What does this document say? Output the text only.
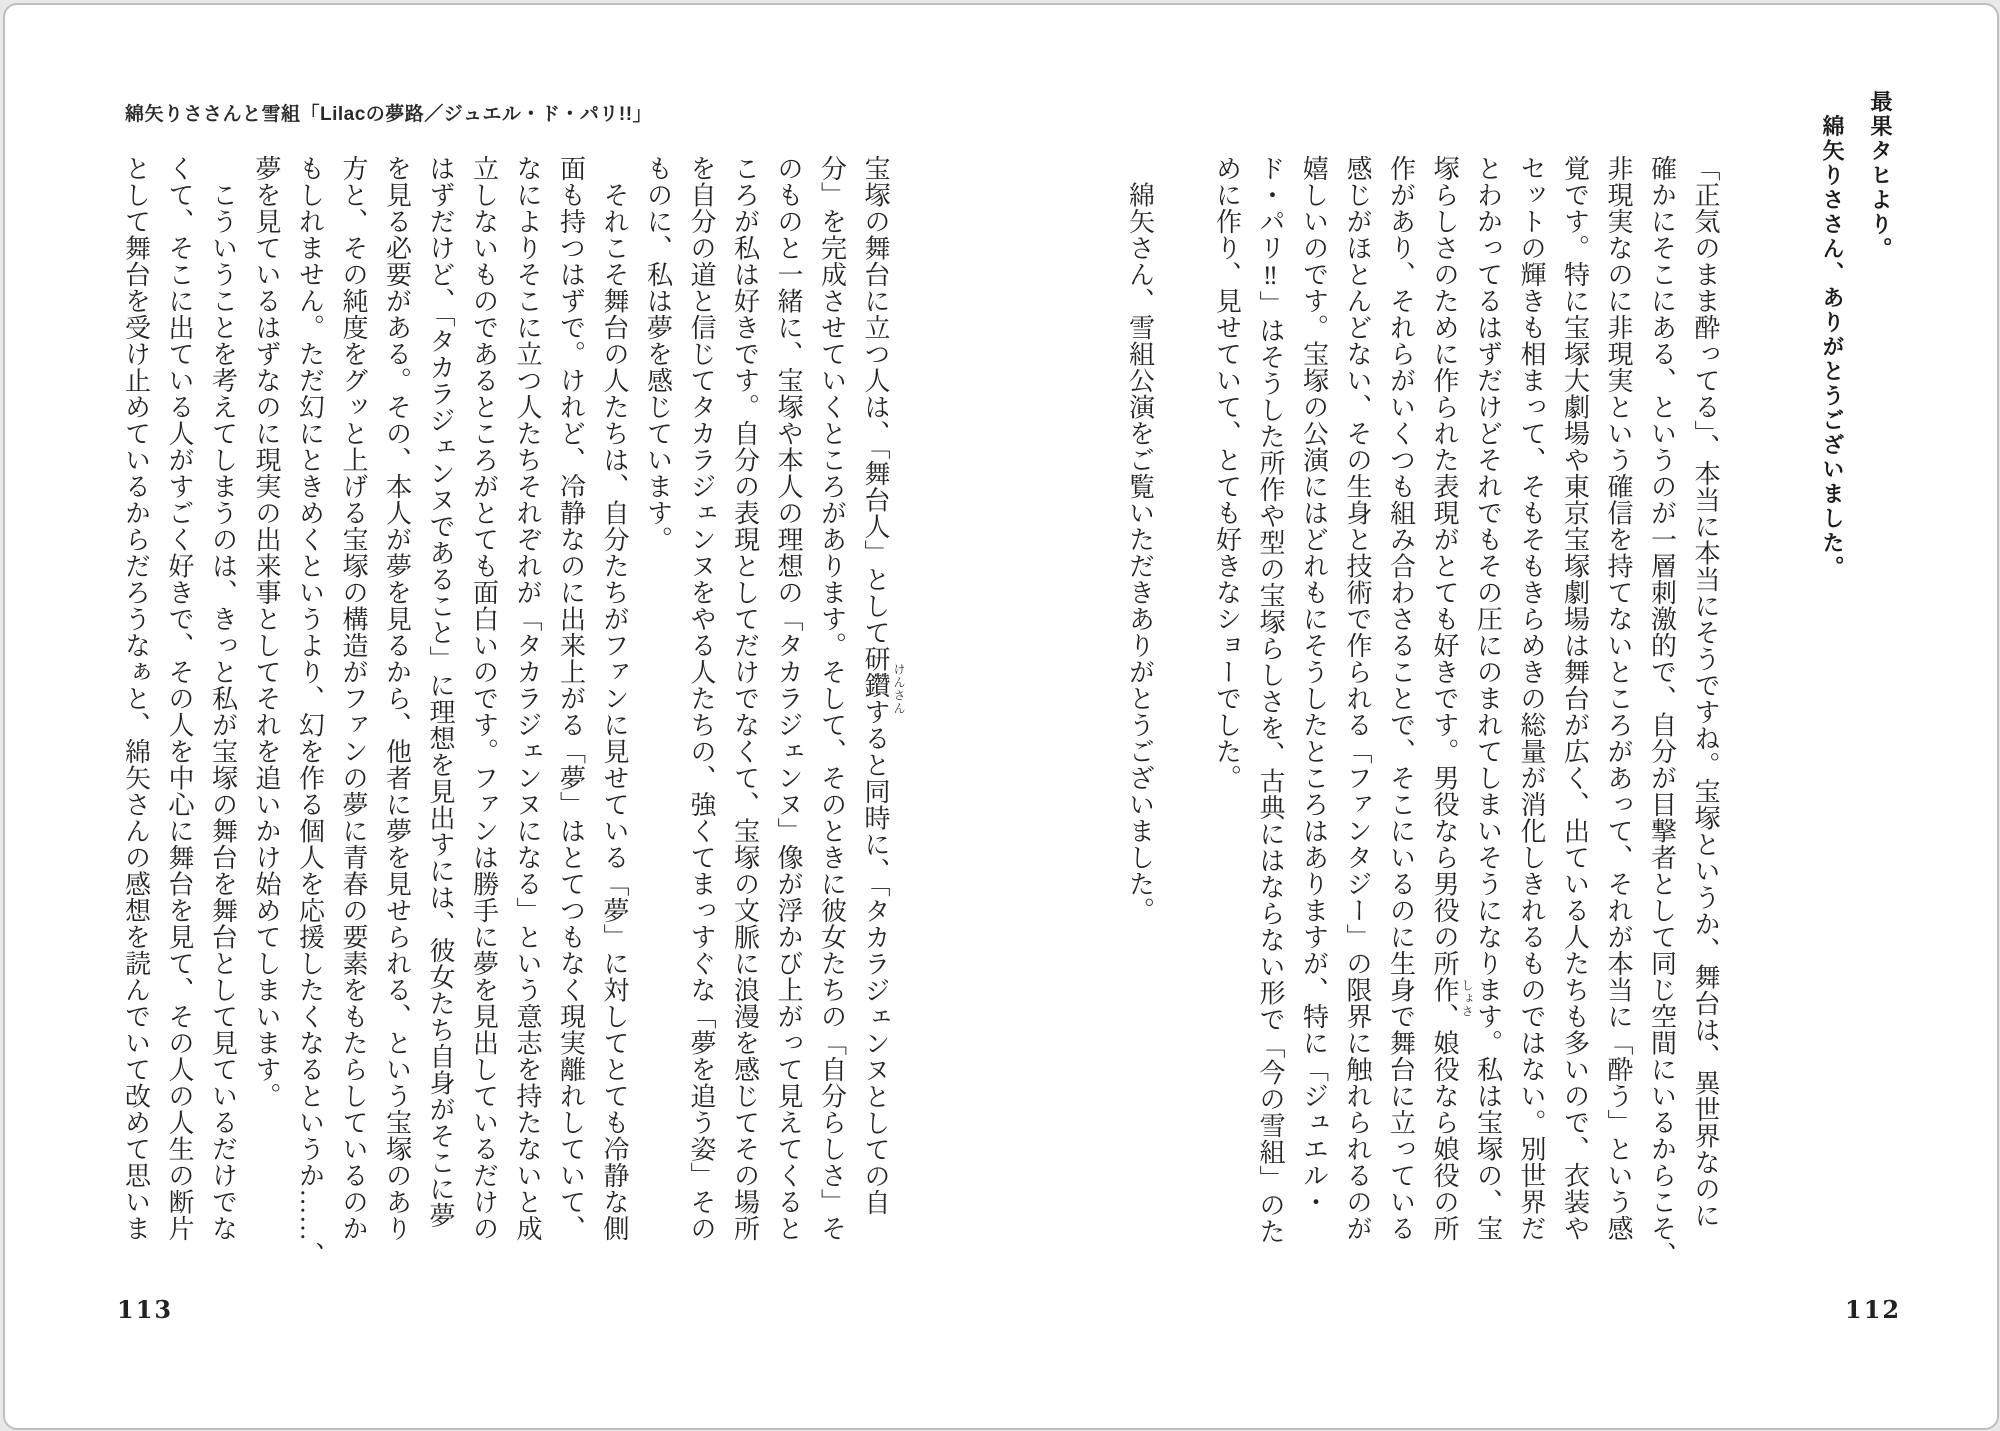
最果タヒより。
　綿矢りささん、ありがとうございました。
「正気のまま酔ってる」、本当に本当にそうですね。宝塚というか、舞台は、異世界なのに
確かにそこにある、というのが一層刺激的で、自分が目撃者として同じ空間にいるからこそ、
非現実なのに非現実という確信を持てないところがあって、それが本当に「酔う」という感
覚です。特に宝塚大劇場や東京宝塚劇場は舞台が広く、出ている人たちも多いので、衣装や
セットの輝きも相まって、そもそもきらめきの総量が消化しきれるものではない。別世界だ
とわかってるはずだけどそれでもその圧にのまれてしまいそうになります。私は宝塚の、宝
塚らしさのために作られた表現がとても好きです。男役なら男役の所作、娘役なら娘役の所
作があり、それらがいくつも組み合わさることで、そこにいるのに生身で舞台に立っている
感じがほとんどない、その生身と技術で作られる「ファンタジー」の限界に触れられるのが
嬉しいのです。宝塚の公演にはどれもにそうしたところはありますが、特に「ジュエル・
ド・パリ‼」はそうした所作や型の宝塚らしさを、古典にはならない形で「今の雪組」のた
めに作り、見せていて、とても好きなショーでした。
　綿矢さん、雪組公演をご覧いただきありがとうございました。
しょさ
112
綿矢りささんと雪組「Lilacの夢路／ジュエル・ド・パリ!!」
宝塚の舞台に立つ人は、「舞台人」として研鑽すると同時に、「タカラジェンヌとしての自
分」を完成させていくところがあります。そして、そのときに彼女たちの「自分らしさ」そ
のものと一緒に、宝塚や本人の理想の「タカラジェンヌ」像が浮かび上がって見えてくると
ころが私は好きです。自分の表現としてだけでなくて、宝塚の文脈に浪漫を感じてその場所
を自分の道と信じてタカラジェンヌをやる人たちの、強くてまっすぐな「夢を追う姿」その
ものに、私は夢を感じています。
　それこそ舞台の人たちは、自分たちがファンに見せている「夢」に対してとても冷静な側
面も持つはずで。けれど、冷静なのに出来上がる「夢」はとてつもなく現実離れしていて、
なによりそこに立つ人たちそれぞれが「タカラジェンヌになる」という意志を持たないと成
立しないものであるところがとても面白いのです。ファンは勝手に夢を見出しているだけの
はずだけど、「タカラジェンヌであること」に理想を見出すには、彼女たち自身がそこに夢
を見る必要がある。その、本人が夢を見るから、他者に夢を見せられる、という宝塚のあり
方と、その純度をグッと上げる宝塚の構造がファンの夢に青春の要素をもたらしているのか
もしれません。ただ幻にときめくというより、幻を作る個人を応援したくなるというか……、
夢を見ているはずなのに現実の出来事としてそれを追いかけ始めてしまいます。
　こういうことを考えてしまうのは、きっと私が宝塚の舞台を舞台として見ているだけでな
くて、そこに出ている人がすごく好きで、その人を中心に舞台を見て、その人の人生の断片
として舞台を受け止めているからだろうなぁと、綿矢さんの感想を読んでいて改めて思いま	けんさん
113
